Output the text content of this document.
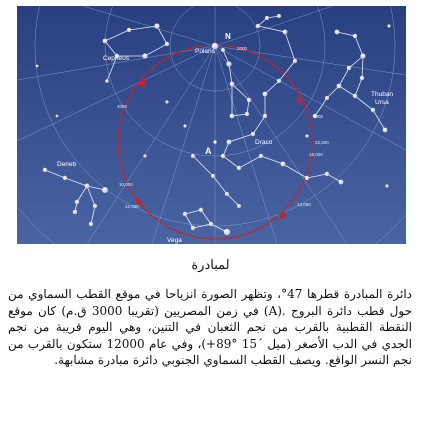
Polaris
N
Cepheus
Thuban
Ursa
Draco
Deneb
Vega
A
2000
4000
8000
10,000
12,000	14,000
16,000
22,000
لمبادرة

دائرة المبادرة قطرها 47°، وتظهر الصورة انزياحا في موقع القطب السماوي من حول قطب دائرة البروج .(A) في زمن المصريين (تقريبا 3000 ق.م) كان موقع النقطة القطبية بالقرب من نجم الثعبان في التنين، وهي اليوم قريبة من نجم الجدي في الدب الأصغر (ميل ´15 °89+)، وفي عام 12000 ستكون بالقرب من نجم النسر الواقع. ويصف القطب السماوي الجنوبي دائرة مبادرة مشابهة.
